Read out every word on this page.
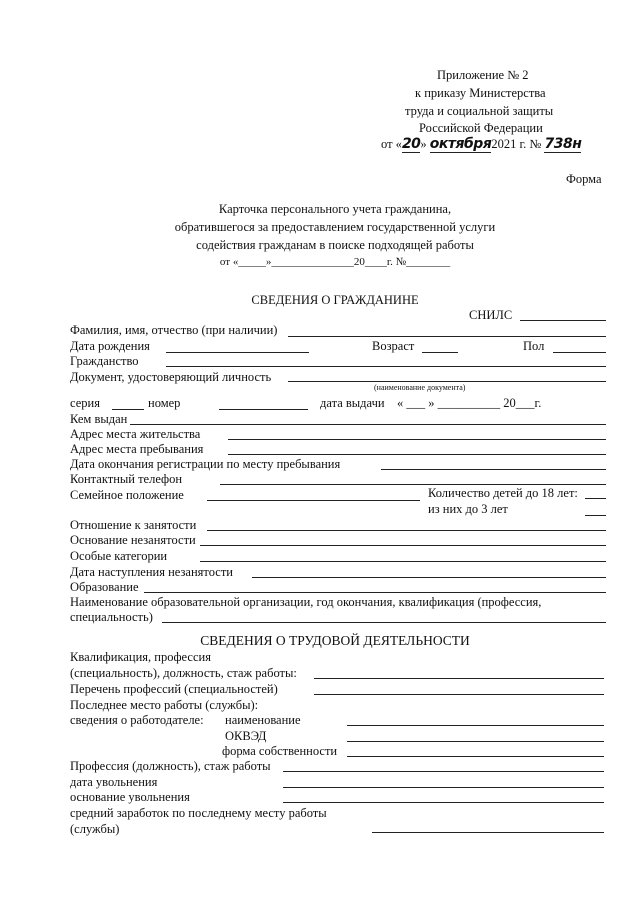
Приложение № 2
к приказу Министерства
труда и социальной защиты
Российской Федерации
от «20» октября2021 г. № 738н
Форма
Карточка персонального учета гражданина,
обратившегося за предоставлением государственной услуги
содействия гражданам в поиске подходящей работы
от «_____»_______________20____г. №________
СВЕДЕНИЯ О ГРАЖДАНИНЕ
СНИЛС
Фамилия, имя, отчество (при наличии)
Дата рождения	Возраст	Пол
Гражданство
Документ, удостоверяющий личность
(наименование документа)
серия	номер	дата выдачи « ___ » __________ 20___г.
Кем выдан
Адрес места жительства
Адрес места пребывания
Дата окончания регистрации по месту пребывания
Контактный телефон
Семейное положение	Количество детей до 18 лет:
из них до 3 лет
Отношение к занятости
Основание незанятости
Особые категории
Дата наступления незанятости
Образование
Наименование образовательной организации, год окончания, квалификация (профессия,
специальность)
СВЕДЕНИЯ О ТРУДОВОЙ ДЕЯТЕЛЬНОСТИ
Квалификация, профессия
(специальность), должность, стаж работы:
Перечень профессий (специальностей)
Последнее место работы (службы):
сведения о работодателе: наименование
ОКВЭД
форма собственности
Профессия (должность), стаж работы
дата увольнения
основание увольнения
средний заработок по последнему месту работы
(службы)
